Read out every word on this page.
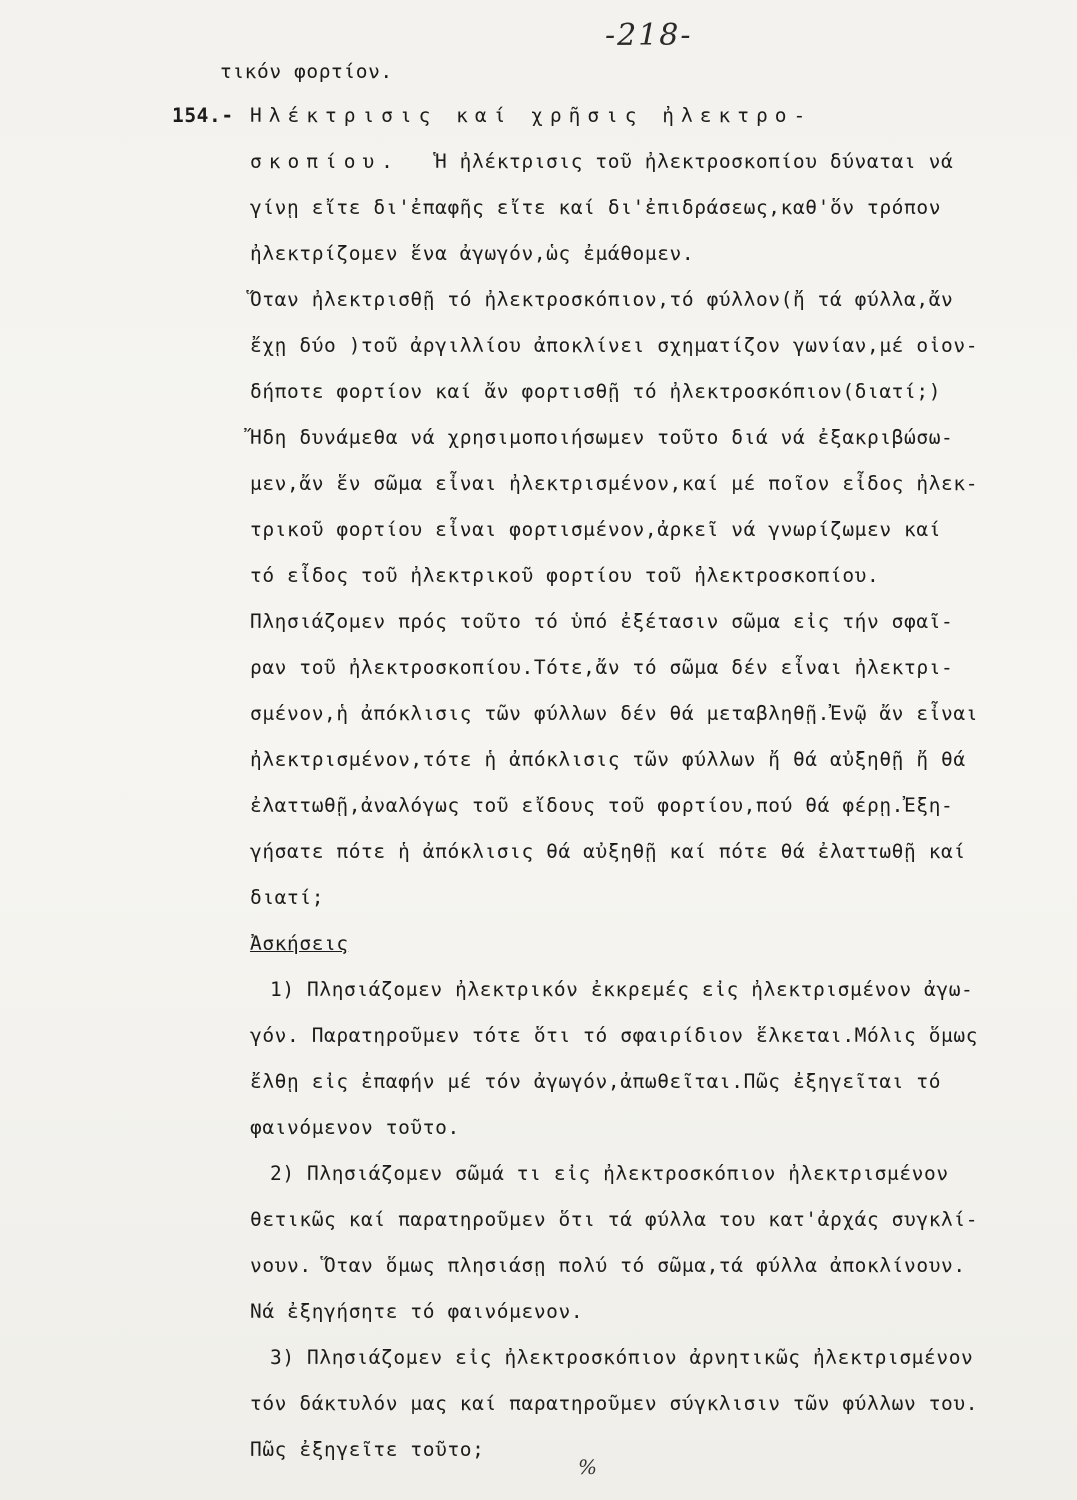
-218-
τικόν φορτίον.
154.- Ηλέκτρισις καί χρῆσις ἠλεκτρο-
σκοπίου. Ἡ ἠλέκτρισις τοῦ ἠλεκτροσκοπίου δύναται νά
γίνῃ εἴτε δι'ἐπαφῆς εἴτε καί δι'ἐπιδράσεως,καθ'ὅν τρόπον
ἠλεκτρίζομεν ἕνα ἀγωγόν,ὡς ἐμάθομεν.
Ὅταν ἠλεκτρισθῇ τό ἠλεκτροσκόπιον,τό φύλλον(ἤ τά φύλλα,ἄν
ἔχῃ δύο )τοῦ ἀργιλλίου ἀποκλίνει σχηματίζον γωνίαν,μέ οἱον-
δήποτε φορτίον καί ἄν φορτισθῇ τό ἠλεκτροσκόπιον(διατί;)
Ἤδη δυνάμεθα νά χρησιμοποιήσωμεν τοῦτο διά νά ἐξακριβώσω-
μεν,ἄν ἕν σῶμα εἶναι ἠλεκτρισμένον,καί μέ ποῖον εἶδος ἠλεκ-
τρικοῦ φορτίου εἶναι φορτισμένον,ἀρκεῖ νά γνωρίζωμεν καί
τό εἶδος τοῦ ἠλεκτρικοῦ φορτίου τοῦ ἠλεκτροσκοπίου.
Πλησιάζομεν πρός τοῦτο τό ὑπό ἐξέτασιν σῶμα εἰς τήν σφαῖ-
ραν τοῦ ἠλεκτροσκοπίου.Τότε,ἄν τό σῶμα δέν εἶναι ἠλεκτρι-
σμένον,ἡ ἀπόκλισις τῶν φύλλων δέν θά μεταβληθῇ.Ἐνῷ ἄν εἶναι
ἠλεκτρισμένον,τότε ἡ ἀπόκλισις τῶν φύλλων ἤ θά αὐξηθῇ ἤ θά
ἐλαττωθῇ,ἀναλόγως τοῦ εἴδους τοῦ φορτίου,πού θά φέρῃ.Ἐξη-
γήσατε πότε ἡ ἀπόκλισις θά αὐξηθῇ καί πότε θά ἐλαττωθῇ καί
διατί;
Ἀσκήσεις
1) Πλησιάζομεν ἠλεκτρικόν ἐκκρεμές εἰς ἠλεκτρισμένον ἀγω-
γόν. Παρατηροῦμεν τότε ὅτι τό σφαιρίδιον ἕλκεται.Μόλις ὅμως
ἔλθῃ εἰς ἐπαφήν μέ τόν ἀγωγόν,ἀπωθεῖται.Πῶς ἐξηγεῖται τό
φαινόμενον τοῦτο.
2) Πλησιάζομεν σῶμά τι εἰς ἠλεκτροσκόπιον ἠλεκτρισμένον
θετικῶς καί παρατηροῦμεν ὅτι τά φύλλα του κατ'ἀρχάς συγκλί-
νουν. Ὅταν ὅμως πλησιάσῃ πολύ τό σῶμα,τά φύλλα ἀποκλίνουν.
Νά ἐξηγήσητε τό φαινόμενον.
3) Πλησιάζομεν εἰς ἠλεκτροσκόπιον ἀρνητικῶς ἠλεκτρισμένον
τόν δάκτυλόν μας καί παρατηροῦμεν σύγκλισιν τῶν φύλλων του.
Πῶς ἐξηγεῖτε τοῦτο;
%
